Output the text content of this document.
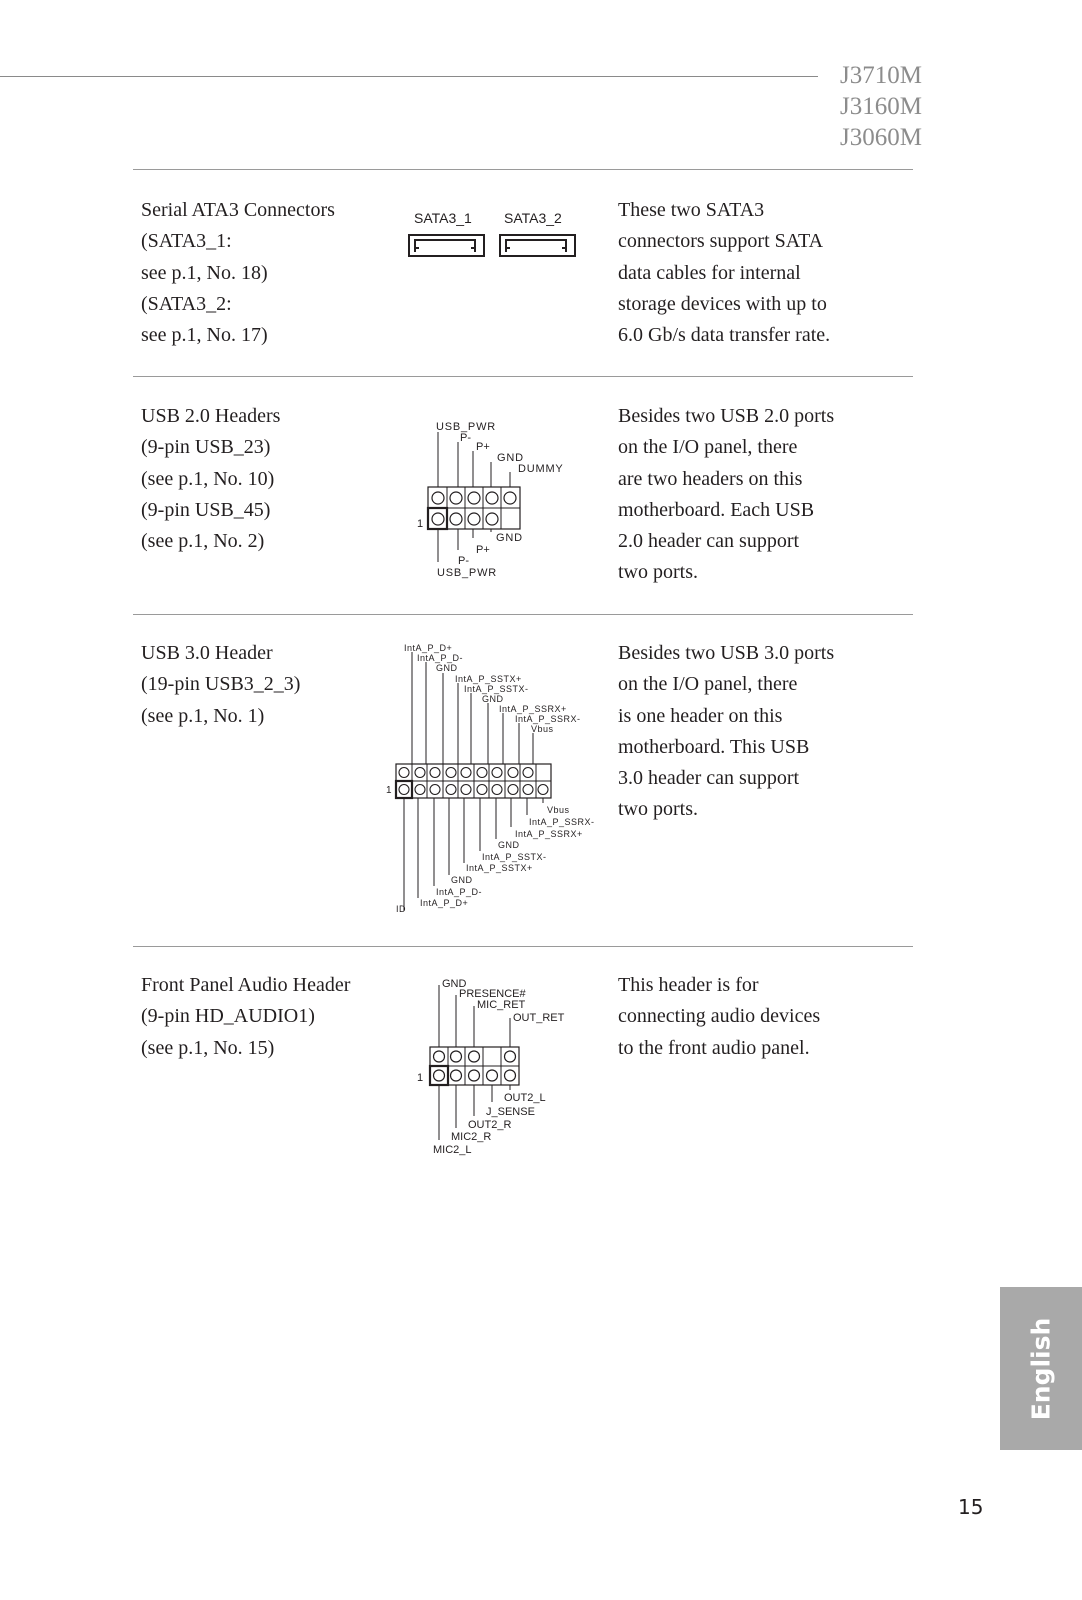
J3710M
J3160M
J3060M
Serial ATA3 Connectors
(SATA3_1:
see p.1, No. 18)
(SATA3_2:
see p.1, No. 17)
SATA3_1 SATA3_2	These two SATA3
connectors support SATA
data cables for internal
storage devices with up to
6.0 Gb/s data transfer rate.
USB 2.0 Headers
(9-pin USB_23)
(see p.1, No. 10)
(9-pin USB_45)
(see p.1, No. 2)
USB_PWR
P-
P+
GND
DUMMY
1
GND
P+
P-
USB_PWR
Besides two USB 2.0 ports
on the I/O panel, there
are two headers on this
motherboard. Each USB
2.0 header can support
two ports.
USB 3.0 Header
(19-pin USB3_2_3)
(see p.1, No. 1)
IntA_P_D+
IntA_P_D-
GND
IntA_P_SSTX+
IntA_P_SSTX-
GND
IntA_P_SSRX+
IntA_P_SSRX-
Vbus
1
Vbus
IntA_P_SSRX-
IntA_P_SSRX+
GND
IntA_P_SSTX-
IntA_P_SSTX+
GND
IntA_P_D-
IntA_P_D+
ID
Besides two USB 3.0 ports
on the I/O panel, there
is one header on this
motherboard. This USB
3.0 header can support
two ports.
Front Panel Audio Header
(9-pin HD_AUDIO1)
(see p.1, No. 15)
GND
PRESENCE#
MIC_RET
OUT_RET
1
OUT2_L
J_SENSE
OUT2_R
MIC2_R
MIC2_L
This header is for
connecting audio devices
to the front audio panel.
English
15
